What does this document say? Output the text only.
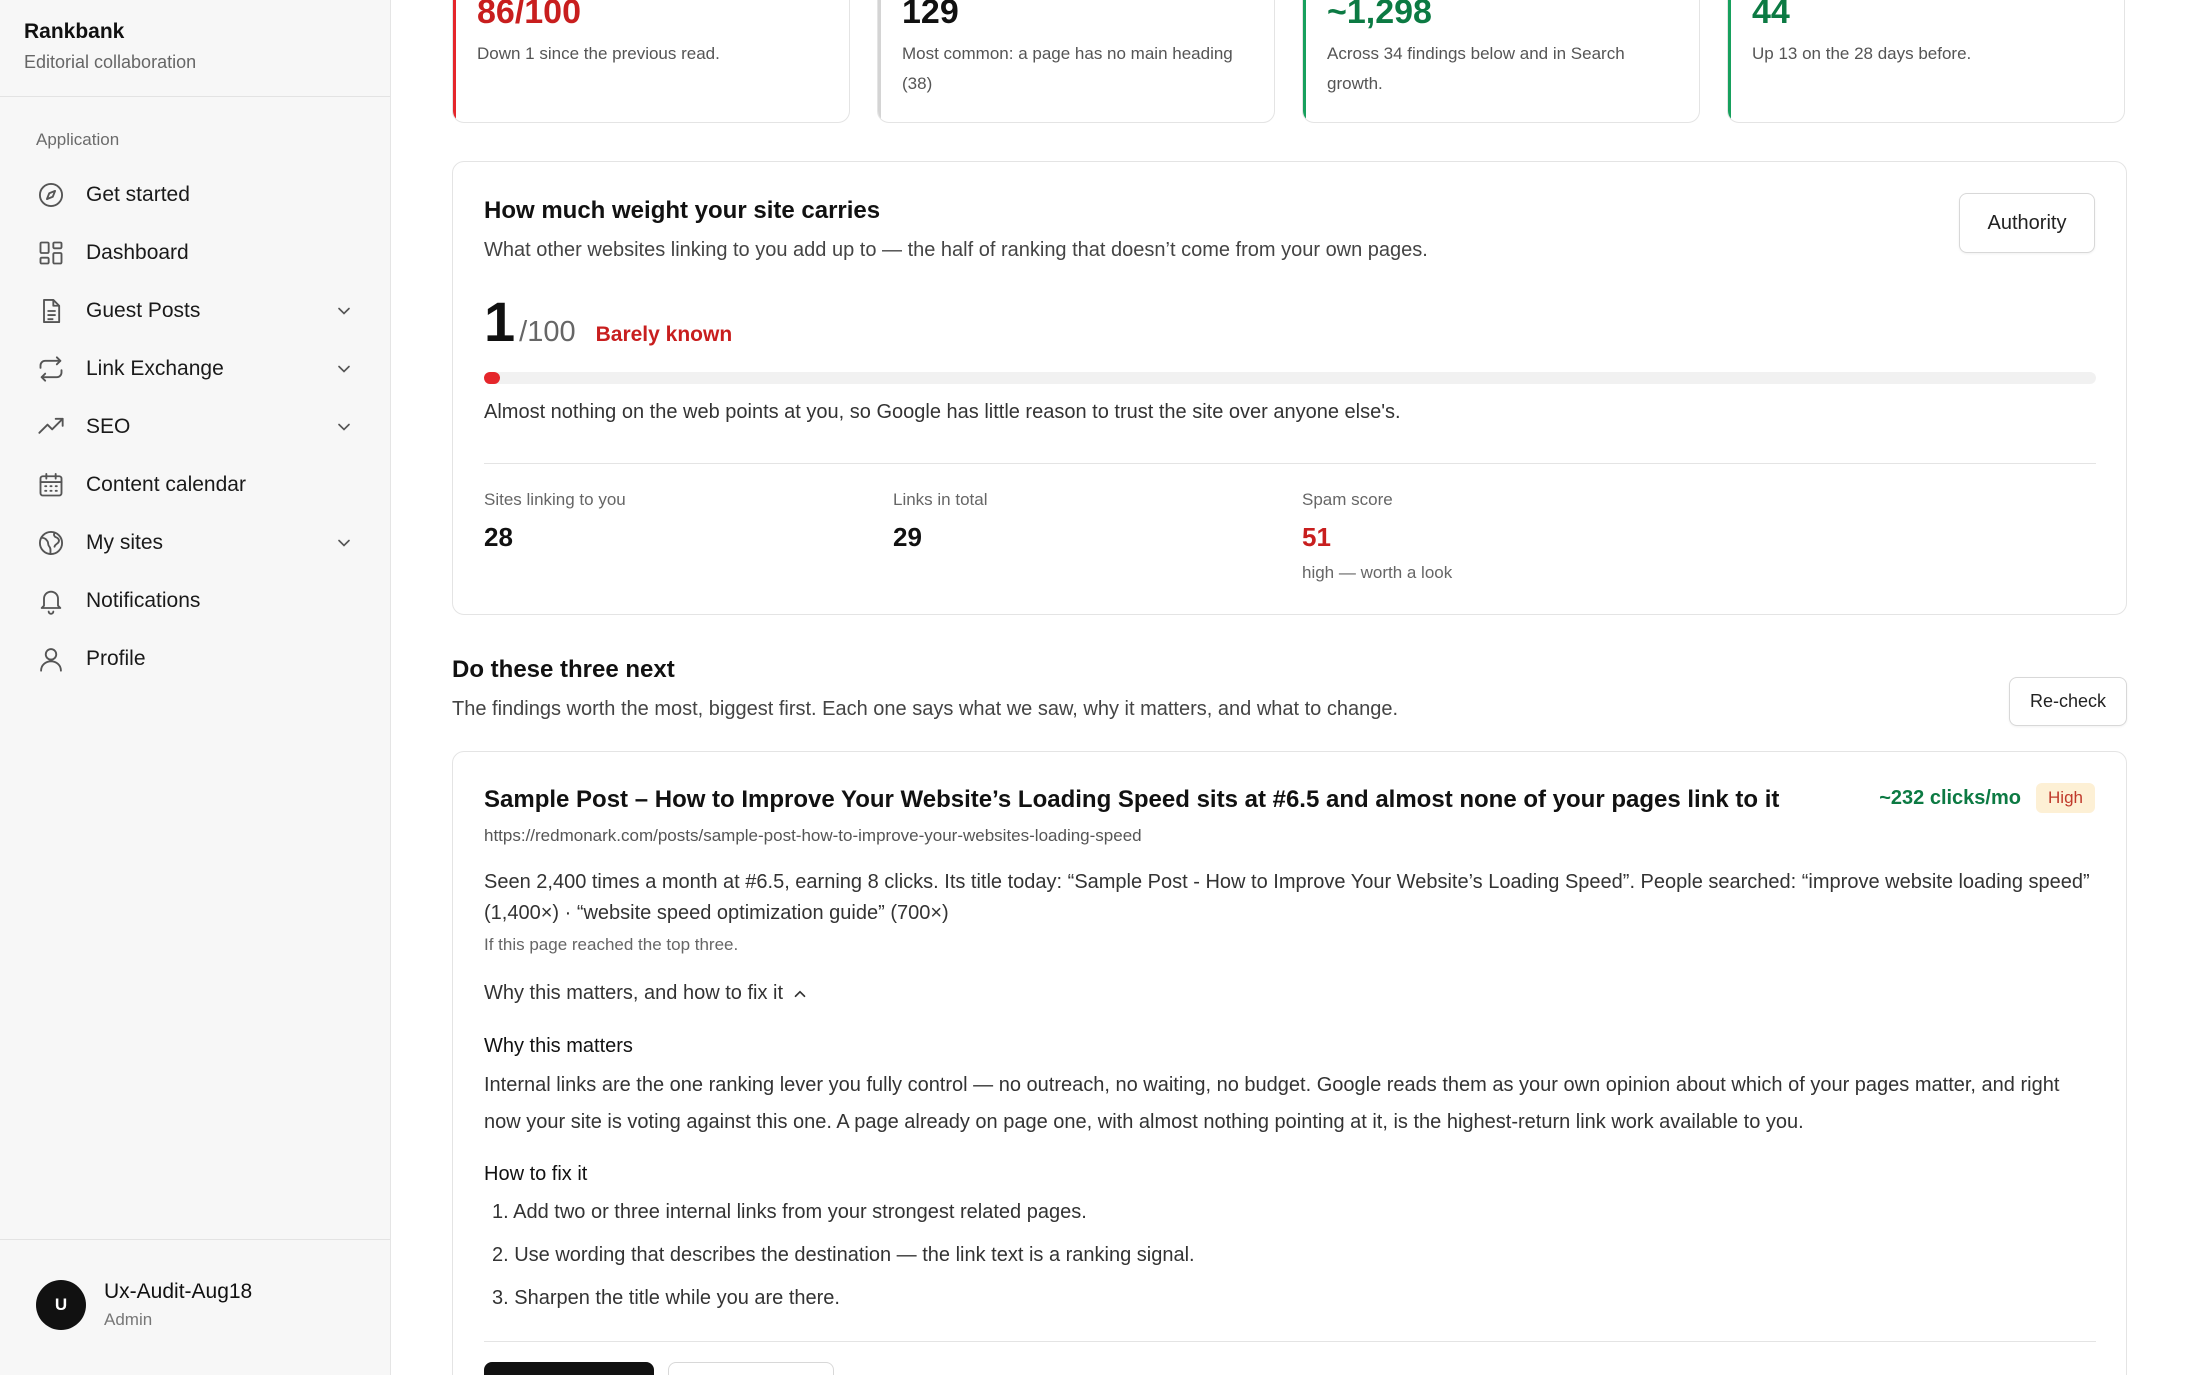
Rankbank
Editorial collaboration
Application
Get started
Dashboard
Guest Posts
Link Exchange
SEO
Content calendar
My sites
Notifications
Profile
U
Ux-Audit-Aug18
Admin
86/100
Down 1 since the previous read.
129
Most common: a page has no main heading (38)
~1,298
Across 34 findings below and in Search growth.
44
Up 13 on the 28 days before.
How much weight your site carries
What other websites linking to you add up to — the half of ranking that doesn’t come from your own pages.
Authority
1 /100 Barely known
Almost nothing on the web points at you, so Google has little reason to trust the site over anyone else's.
Sites linking to you
28
Links in total
29
Spam score
51
high — worth a look
Do these three next
The findings worth the most, biggest first. Each one says what we saw, why it matters, and what to change.	Re-check
Sample Post – How to Improve Your Website’s Loading Speed sits at #6.5 and almost none of your pages link to it	~232 clicks/mo	High
https://redmonark.com/posts/sample-post-how-to-improve-your-websites-loading-speed
Seen 2,400 times a month at #6.5, earning 8 clicks. Its title today: “Sample Post - How to Improve Your Website’s Loading Speed”. People searched: “improve website loading speed” (1,400×) · “website speed optimization guide” (700×)
If this page reached the top three.
Why this matters, and how to fix it
Why this matters
Internal links are the one ranking lever you fully control — no outreach, no waiting, no budget. Google reads them as your own opinion about which of your pages matter, and right now your site is voting against this one. A page already on page one, with almost nothing pointing at it, is the highest-return link work available to you.
How to fix it
1. Add two or three internal links from your strongest related pages.
2. Use wording that describes the destination — the link text is a ranking signal.
3. Sharpen the title while you are there.
